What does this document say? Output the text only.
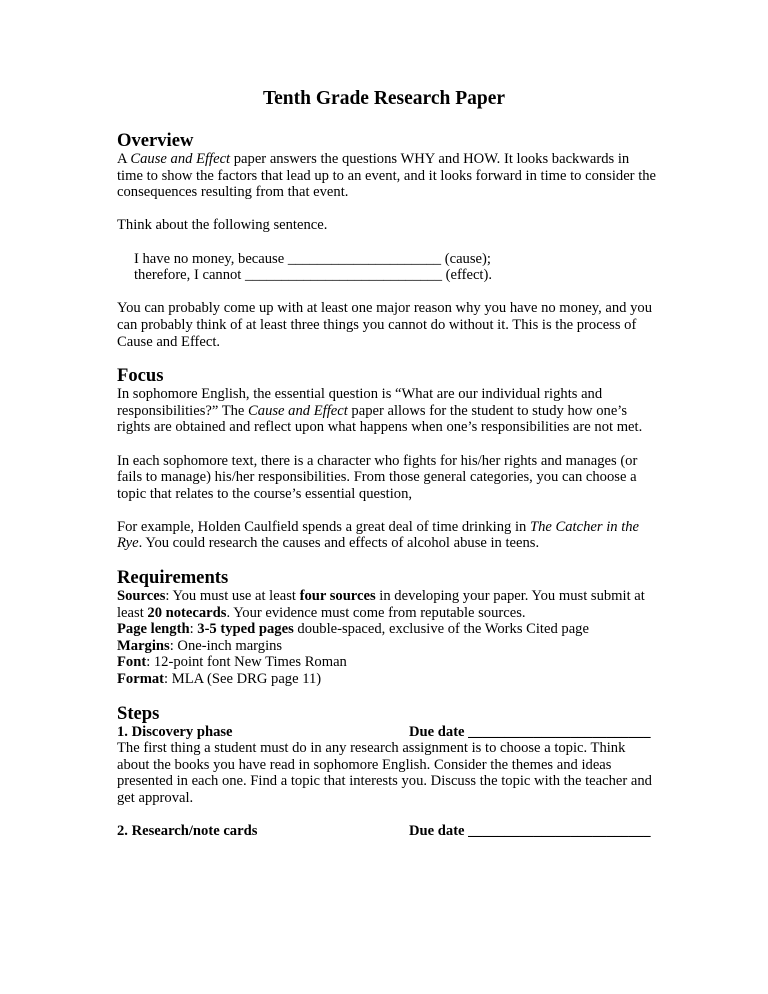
Tenth Grade Research Paper
Overview

A Cause and Effect paper answers the questions WHY and HOW. It looks backwards in time to show the factors that lead up to an event, and it looks forward in time to consider the consequences resulting from that event.

Think about the following sentence.

I have no money, because _____________________ (cause);

therefore, I cannot ___________________________ (effect).

You can probably come up with at least one major reason why you have no money, and you can probably think of at least three things you cannot do without it. This is the process of Cause and Effect.

Focus

In sophomore English, the essential question is “What are our individual rights and responsibilities?” The Cause and Effect paper allows for the student to study how one’s rights are obtained and reflect upon what happens when one’s responsibilities are not met.

In each sophomore text, there is a character who fights for his/her rights and manages (or fails to manage) his/her responsibilities. From those general categories, you can choose a topic that relates to the course’s essential question,

For example, Holden Caulfield spends a great deal of time drinking in The Catcher in the Rye. You could research the causes and effects of alcohol abuse in teens.

Requirements

Sources: You must use at least four sources in developing your paper. You must submit at least 20 notecards. Your evidence must come from reputable sources.

Page length: 3-5 typed pages double-spaced, exclusive of the Works Cited page

Margins: One-inch margins

Font: 12-point font New Times Roman

Format: MLA (See DRG page 11)

Steps
1. Discovery phase	Due date _________________________

The first thing a student must do in any research assignment is to choose a topic. Think about the books you have read in sophomore English. Consider the themes and ideas presented in each one. Find a topic that interests you. Discuss the topic with the teacher and get approval.

2. Research/note cards	Due date _________________________
